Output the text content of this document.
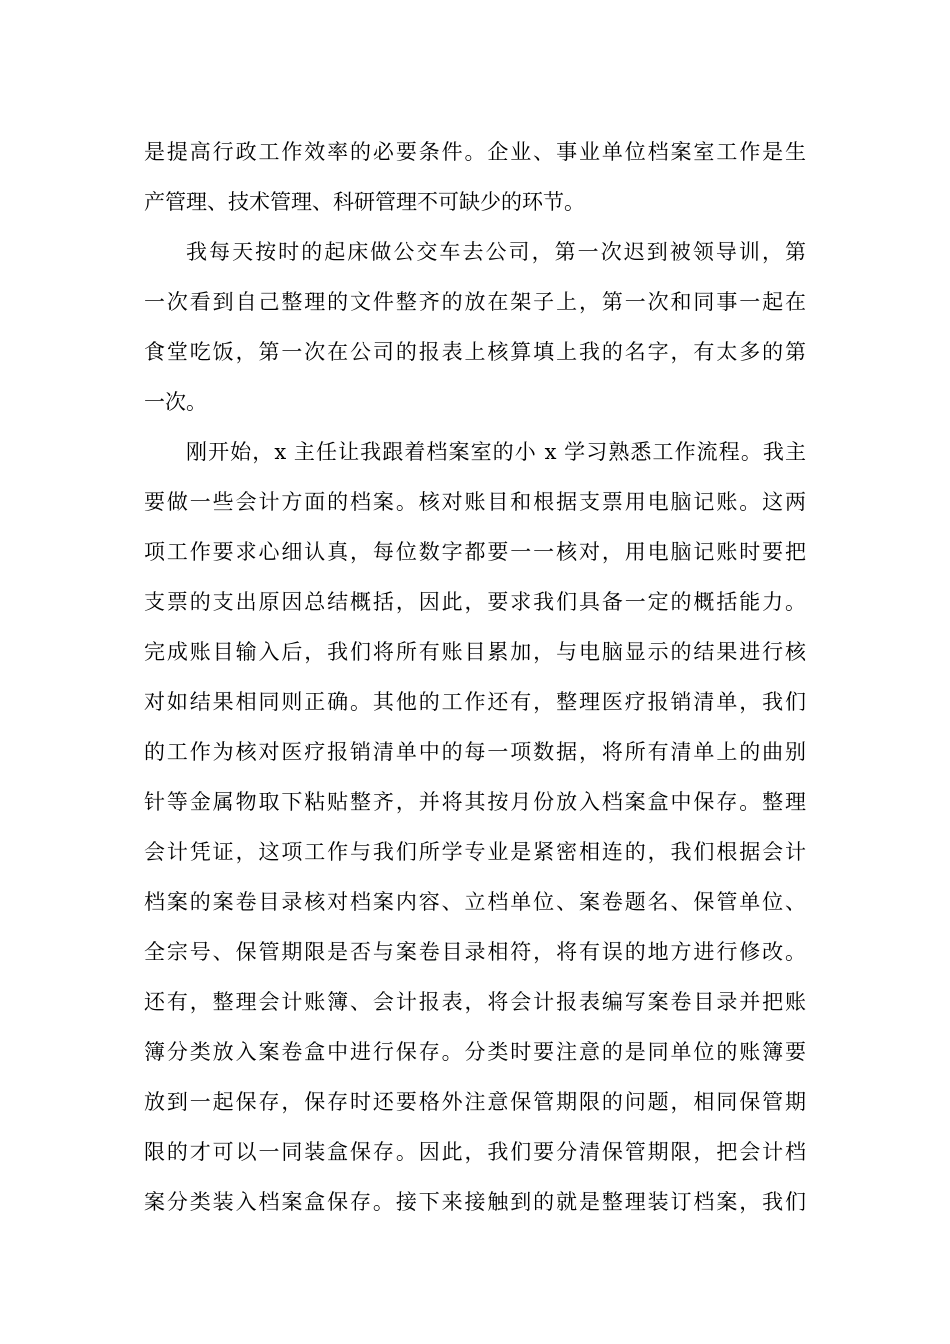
是提高行政工作效率的必要条件。企业、事业单位档案室工作是生
产管理、技术管理、科研管理不可缺少的环节。
我每天按时的起床做公交车去公司，第一次迟到被领导训，第
一次看到自己整理的文件整齐的放在架子上，第一次和同事一起在
食堂吃饭，第一次在公司的报表上核算填上我的名字，有太多的第
一次。
刚开始，x 主任让我跟着档案室的小 x 学习熟悉工作流程。我主
要做一些会计方面的档案。核对账目和根据支票用电脑记账。这两
项工作要求心细认真，每位数字都要一一核对，用电脑记账时要把
支票的支出原因总结概括，因此，要求我们具备一定的概括能力。
完成账目输入后，我们将所有账目累加，与电脑显示的结果进行核
对如结果相同则正确。其他的工作还有，整理医疗报销清单，我们
的工作为核对医疗报销清单中的每一项数据，将所有清单上的曲别
针等金属物取下粘贴整齐，并将其按月份放入档案盒中保存。整理
会计凭证，这项工作与我们所学专业是紧密相连的，我们根据会计
档案的案卷目录核对档案内容、立档单位、案卷题名、保管单位、
全宗号、保管期限是否与案卷目录相符，将有误的地方进行修改。
还有，整理会计账簿、会计报表，将会计报表编写案卷目录并把账
簿分类放入案卷盒中进行保存。分类时要注意的是同单位的账簿要
放到一起保存，保存时还要格外注意保管期限的问题，相同保管期
限的才可以一同装盒保存。因此，我们要分清保管期限，把会计档
案分类装入档案盒保存。接下来接触到的就是整理装订档案，我们
